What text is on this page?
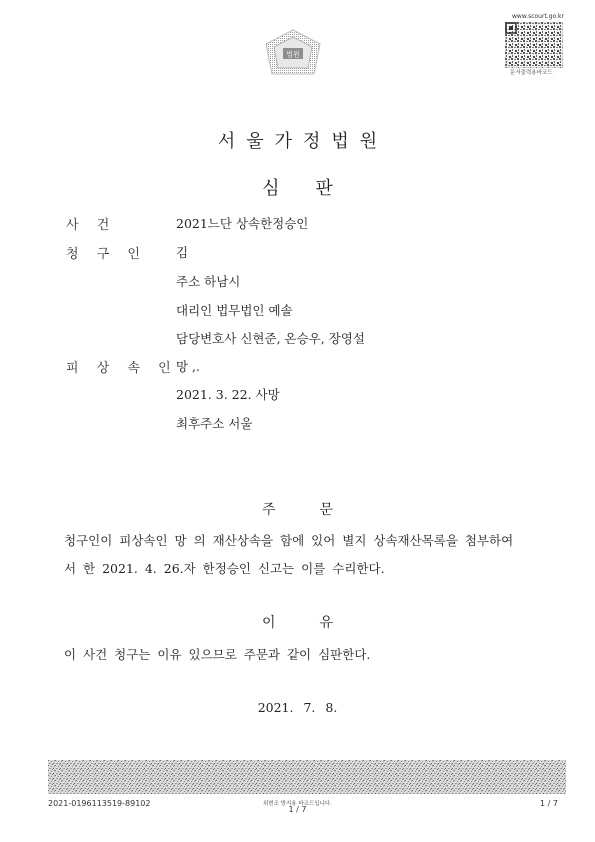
법원
www.scourt.go.kr
문서출력용바코드
서울가정법원
심판
사 건	2021느단 상속한정승인
청 구 인 김
주소 하남시
대리인 법무법인 예솔
담당변호사 신현준, 온승우, 장영설
피 상 속 인
망 ,.
2021. 3. 22. 사망
최후주소 서울
주문
청구인이 피상속인 망 의 재산상속을 함에 있어 별지 상속재산목록을 첨부하여
서 한 2021. 4. 26.자 한정승인 신고는 이를 수리한다.
이유
이 사건 청구는 이유 있으므로 주문과 같이 심판한다.
2021. 7. 8.
2021-0196113519-89102	위변조 방지용 바코드입니다.
1 / 7
1 / 7
